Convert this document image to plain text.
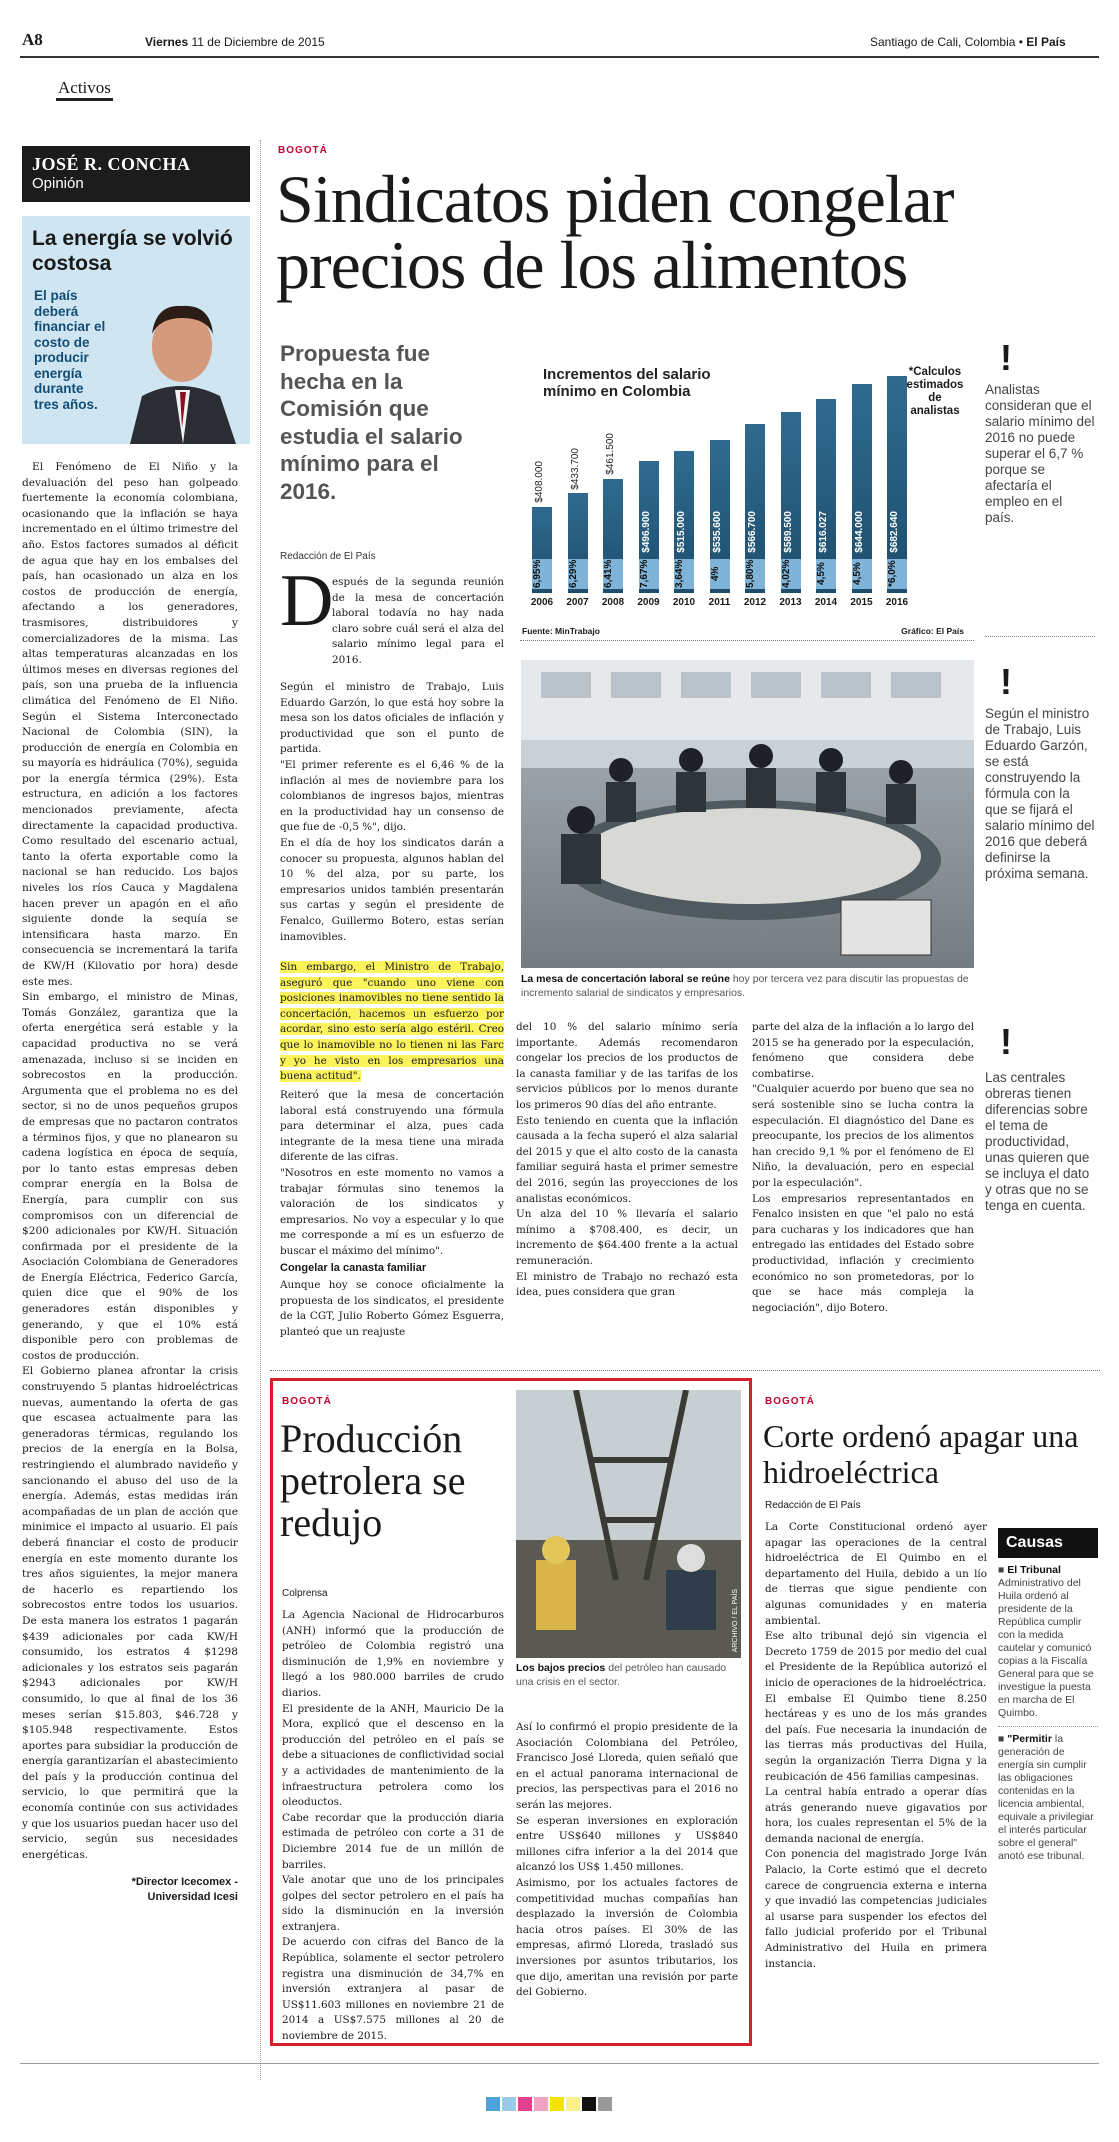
A8	Viernes 11 de Diciembre de 2015	Santiago de Cali, Colombia • El País
Activos
JOSÉ R. CONCHA
Opinión
La energía se volvió costosa
El país deberá financiar el costo de producir energía durante tres años.
El Fenómeno de El Niño y la devaluación del peso han golpeado fuertemente la economía colombiana, ocasionando que la inflación se haya incrementado en el último trimestre del año. Estos factores sumados al déficit de agua que hay en los embalses del país, han ocasionado un alza en los costos de producción de energía, afectando a los generadores, trasmisores, distribuidores y comercializadores de la misma. Las altas temperaturas alcanzadas en los últimos meses en diversas regiones del país, son una prueba de la influencia climática del Fenómeno de El Niño. Según el Sistema Interconectado Nacional de Colombia (SIN), la producción de energía en Colombia en su mayoría es hidráulica (70%), seguida por la energía térmica (29%). Esta estructura, en adición a los factores mencionados previamente, afecta directamente la capacidad productiva. Como resultado del escenario actual, tanto la oferta exportable como la nacional se han reducido. Los bajos niveles los ríos Cauca y Magdalena hacen prever un apagón en el año siguiente donde la sequía se intensificara hasta marzo. En consecuencia se incrementará la tarifa de KW/H (Kilovatio por hora) desde este mes.
Sin embargo, el ministro de Minas, Tomás González, garantiza que la oferta energética será estable y la capacidad productiva no se verá amenazada, incluso si se inciden en sobrecostos en la producción. Argumenta que el problema no es del sector, si no de unos pequeños grupos de empresas que no pactaron contratos a términos fijos, y que no planearon su cadena logística en época de sequía, por lo tanto estas empresas deben comprar energía en la Bolsa de Energía, para cumplir con sus compromisos con un diferencial de $200 adicionales por KW/H. Situación confirmada por el presidente de la Asociación Colombiana de Generadores de Energía Eléctrica, Federico García, quien dice que el 90% de los generadores están disponibles y generando, y que el 10% está disponible pero con problemas de costos de producción.
El Gobierno planea afrontar la crisis construyendo 5 plantas hidroeléctricas nuevas, aumentando la oferta de gas que escasea actualmente para las generadoras térmicas, regulando los precios de la energía en la Bolsa, restringiendo el alumbrado navideño y sancionando el abuso del uso de la energía. Además, estas medidas irán acompañadas de un plan de acción que minimice el impacto al usuario. El país deberá financiar el costo de producir energía en este momento durante los tres años siguientes, la mejor manera de hacerlo es repartiendo los sobrecostos entre todos los usuarios. De esta manera los estratos 1 pagarán $439 adicionales por cada KW/H consumido, los estratos 4 $1298 adicionales y los estratos seis pagarán $2943 adicionales por KW/H consumido, lo que al final de los 36 meses serían $15.803, $46.728 y $105.948 respectivamente. Estos aportes para subsidiar la producción de energía garantizarían el abastecimiento del país y la producción continua del servicio, lo que permitirá que la economía continúe con sus actividades y que los usuarios puedan hacer uso del servicio, según sus necesidades energéticas.
*Director Icecomex -
Universidad Icesi
BOGOTÁ
Sindicatos piden congelar
precios de los alimentos
Propuesta fue hecha en la Comisión que estudia el salario mínimo para el 2016.
Redacción de El País
Incrementos del salario mínimo en Colombia
*Calculos estimados de analistas
$408.000
6,95%
$433.700
6,29%
$461.500
6,41%
$496.900
7,67%
$515.000
3,64%
$535.600
4%
$566.700
5,80%
$589.500
4,02%
$616.027
4,5%
$644.000
4,5%
$682.640
*6,0%
2006 2007 2008 2009 2010	2011	2012 2013 2014 2015 2016
Fuente: MinTrabajo	Gráfico: El País
!
Analistas consideran que el salario mínimo del 2016 no puede superar el 6,7 % porque se afectaría el empleo en el país.
!
Según el ministro de Trabajo, Luis Eduardo Garzón, se está construyendo la fórmula con la que se fijará el salario mínimo del 2016 que deberá definirse la próxima semana.
!
Las centrales obreras tienen diferencias sobre el tema de productividad, unas quieren que se incluya el dato y otras que no se tenga en cuenta.
La mesa de concertación laboral se reúne hoy por tercera vez para discutir las propuestas de incremento salarial de sindicatos y empresarios.
D
espués de la segunda reunión de la mesa de concertación laboral todavía no hay nada claro sobre cuál será el alza del salario mínimo legal para el 2016.
Según el ministro de Trabajo, Luis Eduardo Garzón, lo que está hoy sobre la mesa son los datos oficiales de inflación y productividad que son el punto de partida.
"El primer referente es el 6,46 % de la inflación al mes de noviembre para los colombianos de ingresos bajos, mientras en la productividad hay un consenso de que fue de -0,5 %", dijo.
En el día de hoy los sindicatos darán a conocer su propuesta, algunos hablan del 10 % del alza, por su parte, los empresarios unidos también presentarán sus cartas y según el presidente de Fenalco, Guillermo Botero, estas serían inamovibles.
Sin embargo, el Ministro de Trabajo, aseguró que "cuando uno viene con posiciones inamovibles no tiene sentido la concertación, hacemos un esfuerzo por acordar, sino esto sería algo estéril. Creo que lo inamovible no lo tienen ni las Farc y yo he visto en los empresarios una buena actitud".
Reiteró que la mesa de concertación laboral está construyendo una fórmula para determinar el alza, pues cada integrante de la mesa tiene una mirada diferente de las cifras.
"Nosotros en este momento no vamos a trabajar fórmulas sino tenemos la valoración de los sindicatos y empresarios. No voy a especular y lo que me corresponde a mí es un esfuerzo de buscar el máximo del mínimo".
Congelar la canasta familiar
Aunque hoy se conoce oficialmente la propuesta de los sindicatos, el presidente de la CGT, Julio Roberto Gómez Esguerra, planteó que un reajuste
del 10 % del salario mínimo sería importante. Además recomendaron congelar los precios de los productos de la canasta familiar y de las tarifas de los servicios públicos por lo menos durante los primeros 90 días del año entrante.
Esto teniendo en cuenta que la inflación causada a la fecha superó el alza salarial del 2015 y que el alto costo de la canasta familiar seguirá hasta el primer semestre del 2016, según las proyecciones de los analistas económicos.
Un alza del 10 % llevaría el salario mínimo a $708.400, es decir, un incremento de $64.400 frente a la actual remuneración.
El ministro de Trabajo no rechazó esta idea, pues considera que gran
parte del alza de la inflación a lo largo del 2015 se ha generado por la especulación, fenómeno que considera debe combatirse.
"Cualquier acuerdo por bueno que sea no será sostenible sino se lucha contra la especulación. El diagnóstico del Dane es preocupante, los precios de los alimentos han crecido 9,1 % por el fenómeno de El Niño, la devaluación, pero en especial por la especulación".
Los empresarios representantados en Fenalco insisten en que "el palo no está para cucharas y los indicadores que han entregado las entidades del Estado sobre productividad, inflación y crecimiento económico no son prometedoras, por lo que se hace más compleja la negociación", dijo Botero.
BOGOTÁ
Producción petrolera se redujo
Colprensa	ARCHIVO / EL PAÍS
Los bajos precios del petróleo han causado una crisis en el sector.
La Agencia Nacional de Hidrocarburos (ANH) informó que la producción de petróleo de Colombia registró una disminución de 1,9% en noviembre y llegó a los 980.000 barriles de crudo diarios.
El presidente de la ANH, Mauricio De la Mora, explicó que el descenso en la producción del petróleo en el país se debe a situaciones de conflictividad social y a actividades de mantenimiento de la infraestructura petrolera como los oleoductos.
Cabe recordar que la producción diaria estimada de petróleo con corte a 31 de Diciembre 2014 fue de un millón de barriles.
Vale anotar que uno de los principales golpes del sector petrolero en el país ha sido la disminución en la inversión extranjera.
De acuerdo con cifras del Banco de la República, solamente el sector petrolero registra una disminución de 34,7% en inversión extranjera al pasar de US$11.603 millones en noviembre 21 de 2014 a US$7.575 millones al 20 de noviembre de 2015.
Así lo confirmó el propio presidente de la Asociación Colombiana del Petróleo, Francisco José Lloreda, quien señaló que en el actual panorama internacional de precios, las perspectivas para el 2016 no serán las mejores.
Se esperan inversiones en exploración entre US$640 millones y US$840 millones cifra inferior a la del 2014 que alcanzó los US$ 1.450 millones.
Asimismo, por los actuales factores de competitividad muchas compañías han desplazado la inversión de Colombia hacia otros países. El 30% de las empresas, afirmó Lloreda, trasladó sus inversiones por asuntos tributarios, los que dijo, ameritan una revisión por parte del Gobierno.
BOGOTÁ
Corte ordenó apagar una hidroeléctrica
Redacción de El País
La Corte Constitucional ordenó ayer apagar las operaciones de la central hidroeléctrica de El Quimbo en el departamento del Huila, debido a un lío de tierras que sigue pendiente con algunas comunidades y en materia ambiental.
Ese alto tribunal dejó sin vigencia el Decreto 1759 de 2015 por medio del cual el Presidente de la República autorizó el inicio de operaciones de la hidroeléctrica.
El embalse El Quimbo tiene 8.250 hectáreas y es uno de los más grandes del país. Fue necesaria la inundación de las tierras más productivas del Huila, según la organización Tierra Digna y la reubicación de 456 familias campesinas.
La central había entrado a operar días atrás generando nueve gigavatios por hora, los cuales representan el 5% de la demanda nacional de energía.
Con ponencia del magistrado Jorge Iván Palacio, la Corte estimó que el decreto carece de congruencia externa e interna y que invadió las competencias judiciales al usarse para suspender los efectos del fallo judicial proferido por el Tribunal Administrativo del Huila en primera instancia.
Causas
■ El Tribunal Administrativo del Huila ordenó al presidente de la República cumplir con la medida cautelar y comunicó copias a la Fiscalía General para que se investigue la puesta en marcha de El Quimbo.
■ "Permitir la generación de energía sin cumplir las obligaciones contenidas en la licencia ambiental, equivale a privilegiar el interés particular sobre el general" anotó ese tribunal.
